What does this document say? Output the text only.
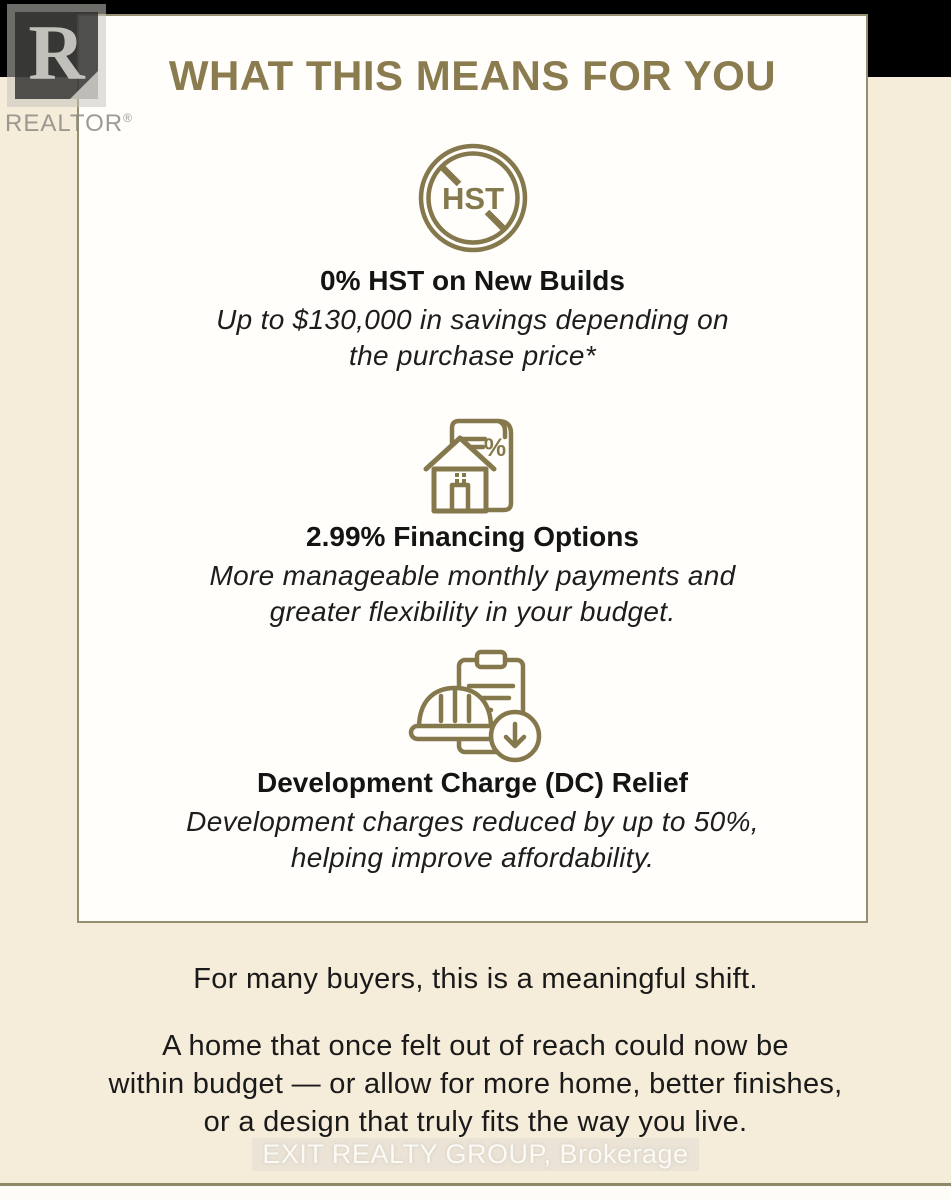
R
REALTOR®
WHAT THIS MEANS FOR YOU
HST
0% HST on New Builds
Up to $130,000 in savings depending on
the purchase price*
%
2.99% Financing Options
More manageable monthly payments and
greater flexibility in your budget.
Development Charge (DC) Relief
Development charges reduced by up to 50%,
helping improve affordability.
For many buyers, this is a meaningful shift.
A home that once felt out of reach could now be
within budget — or allow for more home, better finishes,
or a design that truly fits the way you live.
EXIT REALTY GROUP, Brokerage
